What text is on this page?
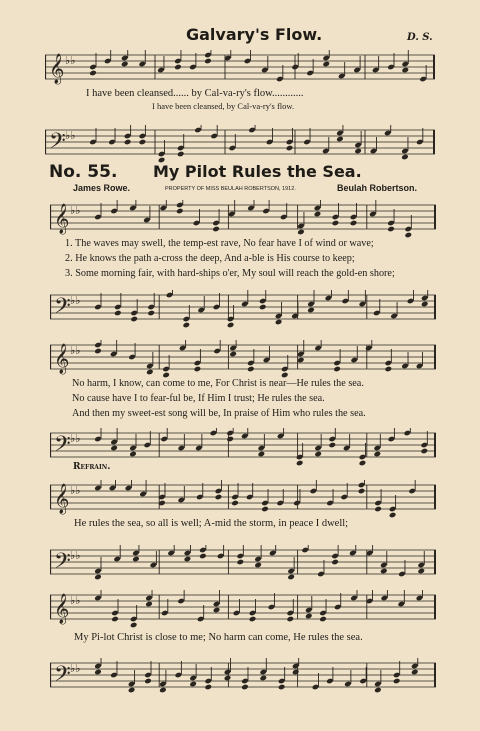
Galvary's Flow.	D. S.
𝄞 ♭♭
I have been cleansed...... by Cal-va-ry's flow............
I have been cleansed, by Cal-va-ry's flow.
𝄢 ♭♭
No. 55. My Pilot Rules the Sea.
James Rowe.	PROPERTY OF MISS BEULAH ROBERTSON, 1912.	Beulah Robertson.
𝄞 ♭♭
1. The waves may swell, the temp-est rave, No fear have I of wind or wave;
2. He knows the path a-cross the deep, And a-ble is His course to keep;
3. Some morning fair, with hard-ships o'er, My soul will reach the gold-en shore;
𝄢 ♭♭
𝄞 ♭♭
No harm, I know, can come to me, For Christ is near—He rules the sea.
No cause have I to fear-ful be, If Him I trust; He rules the sea.
And then my sweet-est song will be, In praise of Him who rules the sea.
𝄢 ♭♭
Refrain.
𝄞 ♭♭
He rules the sea, so all is well; A-mid the storm, in peace I dwell;
𝄢 ♭♭
𝄞 ♭♭
My Pi-lot Christ is close to me; No harm can come, He rules the sea.
𝄢 ♭♭
